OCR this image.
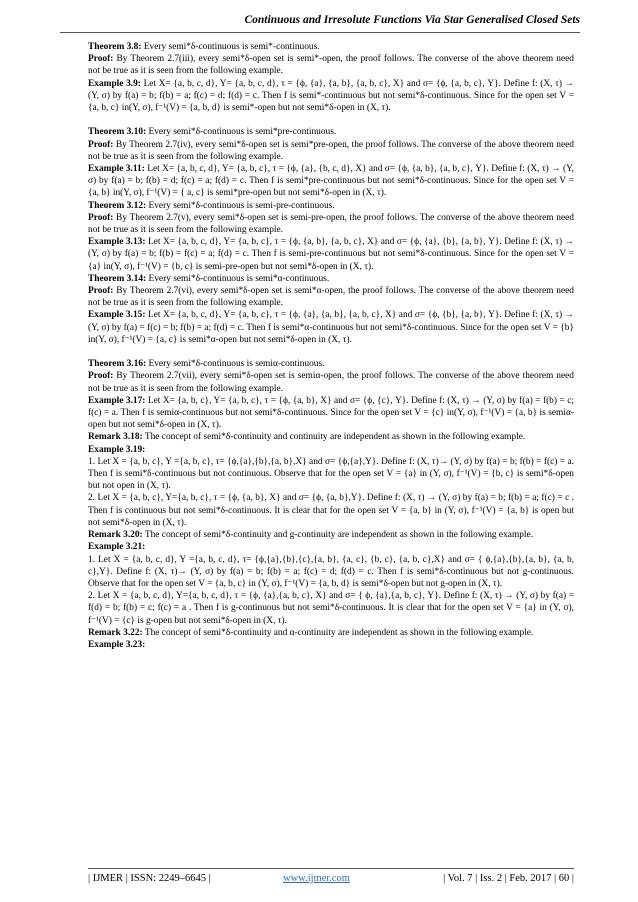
Continuous and Irresolute Functions Via Star Generalised Closed Sets

Theorem 3.8: Every semi*δ-continuous is semi*-continuous.

Proof: By Theorem 2.7(iii), every semi*δ-open set is semi*-open, the proof follows. The converse of the above theorem need not be true as it is seen from the following example.

Example 3.9: Let X= {a, b, c, d}, Y= {a, b, c, d}, τ = {ϕ, {a}, {a, b}, {a, b, c}, X} and σ= {ϕ, {a, b, c}, Y}. Define f: (X, τ) → (Y, σ) by f(a) = b; f(b) = a; f(c) = d; f(d) = c. Then f is semi*-continuous but not semi*δ-continuous. Since for the open set V = {a, b, c} in(Y, σ), f⁻¹(V) = {a, b, d} is semi*-open but not semi*δ-open in (X, τ).

Theorem 3.10: Every semi*δ-continuous is semi*pre-continuous.

Proof: By Theorem 2.7(iv), every semi*δ-open set is semi*pre-open, the proof follows. The converse of the above theorem need not be true as it is seen from the following example.

Example 3.11: Let X= {a, b, c, d}, Y= {a, b, c}, τ = {ϕ, {a}, {b, c, d}, X} and σ= {ϕ, {a, b}, {a, b, c}, Y}. Define f: (X, τ) → (Y, σ) by f(a) = b; f(b) = d; f(c) = a; f(d) = c. Then f is semi*pre-continuous but not semi*δ-continuous. Since for the open set V = {a, b} in(Y, σ), f⁻¹(V) = { a, c} is semi*pre-open but not semi*δ-open in (X, τ).

Theorem 3.12: Every semi*δ-continuous is semi-pre-continuous.

Proof: By Theorem 2.7(v), every semi*δ-open set is semi-pre-open, the proof follows. The converse of the above theorem need not be true as it is seen from the following example.

Example 3.13: Let X= {a, b, c, d}, Y= {a, b, c}, τ = {ϕ, {a, b}, {a, b, c}, X} and σ= {ϕ, {a}, {b}, {a, b}, Y}. Define f: (X, τ) → (Y, σ) by f(a) = b; f(b) = f(c) = a; f(d) = c. Then f is semi-pre-continuous but not semi*δ-continuous. Since for the open set V = {a} in(Y, σ), f⁻¹(V) = {b, c} is semi-pre-open but not semi*δ-open in (X, τ).

Theorem 3.14: Every semi*δ-continuous is semi*α-continuous.

Proof: By Theorem 2.7(vi), every semi*δ-open set is semi*α-open, the proof follows. The converse of the above theorem need not be true as it is seen from the following example.

Example 3.15: Let X= {a, b, c, d}, Y= {a, b, c}, τ = {ϕ, {a}, {a, b}, {a, b, c}, X} and σ= {ϕ, {b}, {a, b}, Y}. Define f: (X, τ) → (Y, σ) by f(a) = f(c) = b; f(b) = a; f(d) = c. Then f is semi*α-continuous but not semi*δ-continuous. Since for the open set V = {b} in(Y, σ), f⁻¹(V) = {a, c} is semi*α-open but not semi*δ-open in (X, τ).

Theorem 3.16: Every semi*δ-continuous is semiα-continuous.

Proof: By Theorem 2.7(vii), every semi*δ-open set is semiα-open, the proof follows. The converse of the above theorem need not be true as it is seen from the following example.

Example 3.17: Let X= {a, b, c}, Y= {a, b, c}, τ = {ϕ, {a, b}, X} and σ= {ϕ, {c}, Y}. Define f: (X, τ) → (Y, σ) by f(a) = f(b) = c; f(c) = a. Then f is semiα-continuous but not semi*δ-continuous. Since for the open set V = {c} in(Y, σ), f⁻¹(V) = {a, b} is semiα-open but not semi*δ-open in (X, τ).

Remark 3.18: The concept of semi*δ-continuity and continuity are independent as shown in the following example.

Example 3.19:

1. Let X = {a, b, c}, Y ={a, b, c}, τ= {ϕ,{a},{b},{a, b},X} and σ= {ϕ,{a},Y}. Define f: (X, τ)→ (Y, σ) by f(a) = b; f(b) = f(c) = a. Then f is semi*δ-continuous but not continuous. Observe that for the open set V = {a} in (Y, σ), f⁻¹(V) = {b, c} is semi*δ-open but not open in (X, τ).

2. Let X = {a, b, c}, Y={a, b, c}, τ = {ϕ, {a, b}, X} and σ= {ϕ, {a, b},Y}. Define f: (X, τ) → (Y, σ) by f(a) = b; f(b) = a; f(c) = c . Then f is continuous but not semi*δ-continuous. It is clear that for the open set V = {a, b} in (Y, σ), f⁻¹(V) = {a, b} is open but not semi*δ-open in (X, τ).

Remark 3.20: The concept of semi*δ-continuity and g-continuity are independent as shown in the following example.

Example 3.21:

1. Let X = {a, b, c, d}, Y ={a, b, c, d}, τ= {ϕ,{a},{b},{c},{a, b}, {a, c}, {b, c}, {a, b, c},X} and σ= { ϕ,{a},{b},{a, b}, {a, b, c},Y}. Define f: (X, τ)→ (Y, σ) by f(a) = b; f(b) = a; f(c) = d; f(d) = c. Then f is semi*δ-continuous but not g-continuous. Observe that for the open set V = {a, b, c} in (Y, σ), f⁻¹(V) = {a, b, d} is semi*δ-open but not g-open in (X, τ).

2. Let X = {a, b, c, d}, Y={a, b, c, d}, τ = {ϕ, {a},{a, b, c}, X} and σ= { ϕ, {a},{a, b, c}, Y}. Define f: (X, τ) → (Y, σ) by f(a) = f(d) = b; f(b) = c; f(c) = a . Then f is g-continuous but not semi*δ-continuous. It is clear that for the open set V = {a} in (Y, σ), f⁻¹(V) = {c} is g-open but not semi*δ-open in (X, τ).

Remark 3.22: The concept of semi*δ-continuity and α-continuity are independent as shown in the following example.

Example 3.23:

| IJMER | ISSN: 2249–6645 |	www.ijmer.com	| Vol. 7 | Iss. 2 | Feb. 2017 | 60 |
